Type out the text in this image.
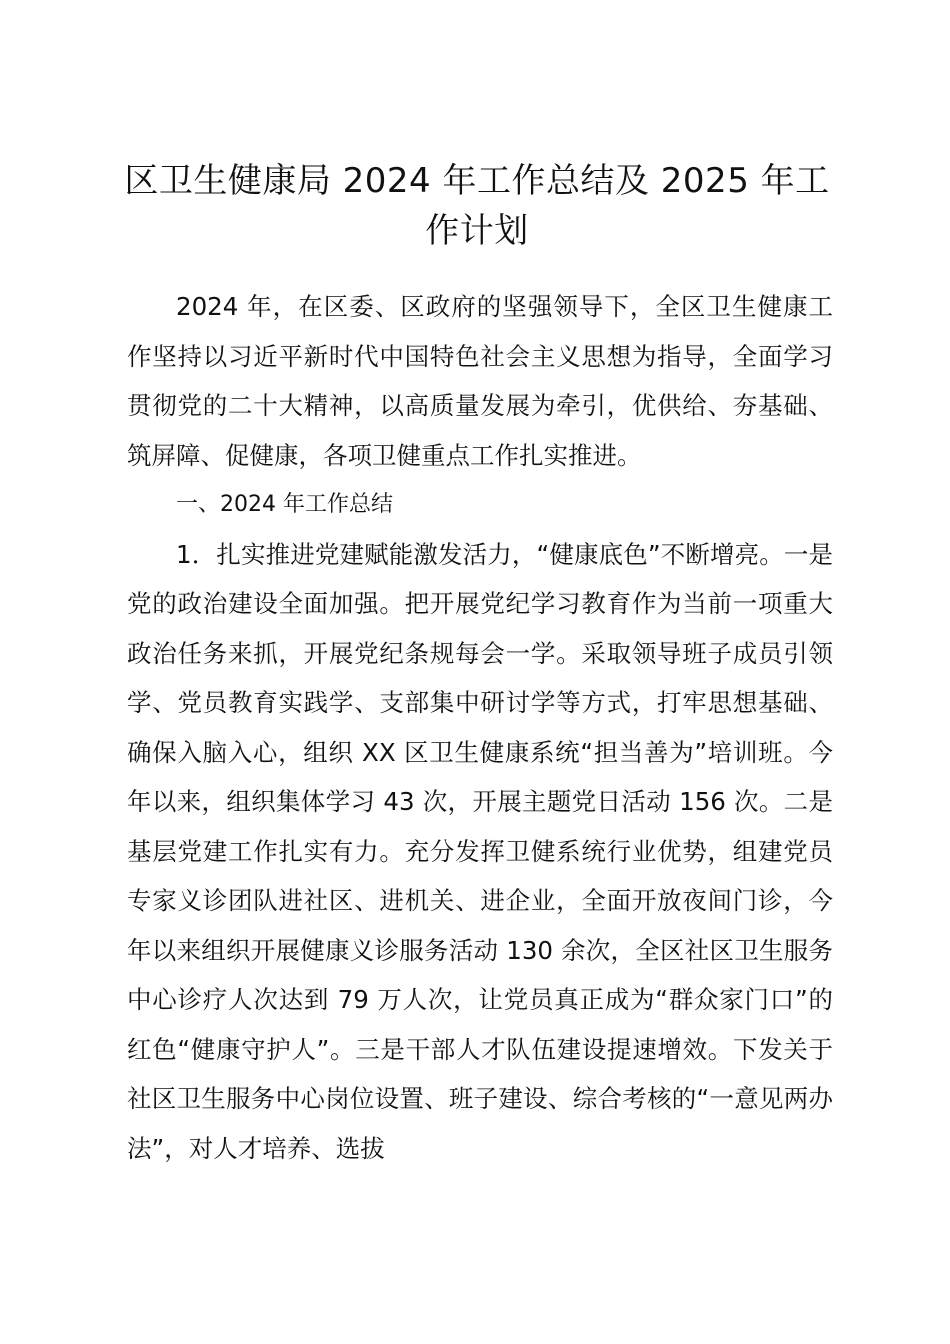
区卫生健康局 2024 年工作总结及 2025 年工作计划

2024 年，在区委、区政府的坚强领导下，全区卫生健康工作坚持以习近平新时代中国特色社会主义思想为指导，全面学习贯彻党的二十大精神，以高质量发展为牵引，优供给、夯基础、筑屏障、促健康，各项卫健重点工作扎实推进。

一、2024 年工作总结

1．扎实推进党建赋能激发活力，“健康底色”不断增亮。一是党的政治建设全面加强。把开展党纪学习教育作为当前一项重大政治任务来抓，开展党纪条规每会一学。采取领导班子成员引领学、党员教育实践学、支部集中研讨学等方式，打牢思想基础、确保入脑入心，组织 XX 区卫生健康系统“担当善为”培训班。今年以来，组织集体学习 43 次，开展主题党日活动 156 次。二是基层党建工作扎实有力。充分发挥卫健系统行业优势，组建党员专家义诊团队进社区、进机关、进企业，全面开放夜间门诊，今年以来组织开展健康义诊服务活动 130 余次，全区社区卫生服务中心诊疗人次达到 79 万人次，让党员真正成为“群众家门口”的红色“健康守护人”。三是干部人才队伍建设提速增效。下发关于社区卫生服务中心岗位设置、班子建设、综合考核的“一意见两办法”，对人才培养、选拔
